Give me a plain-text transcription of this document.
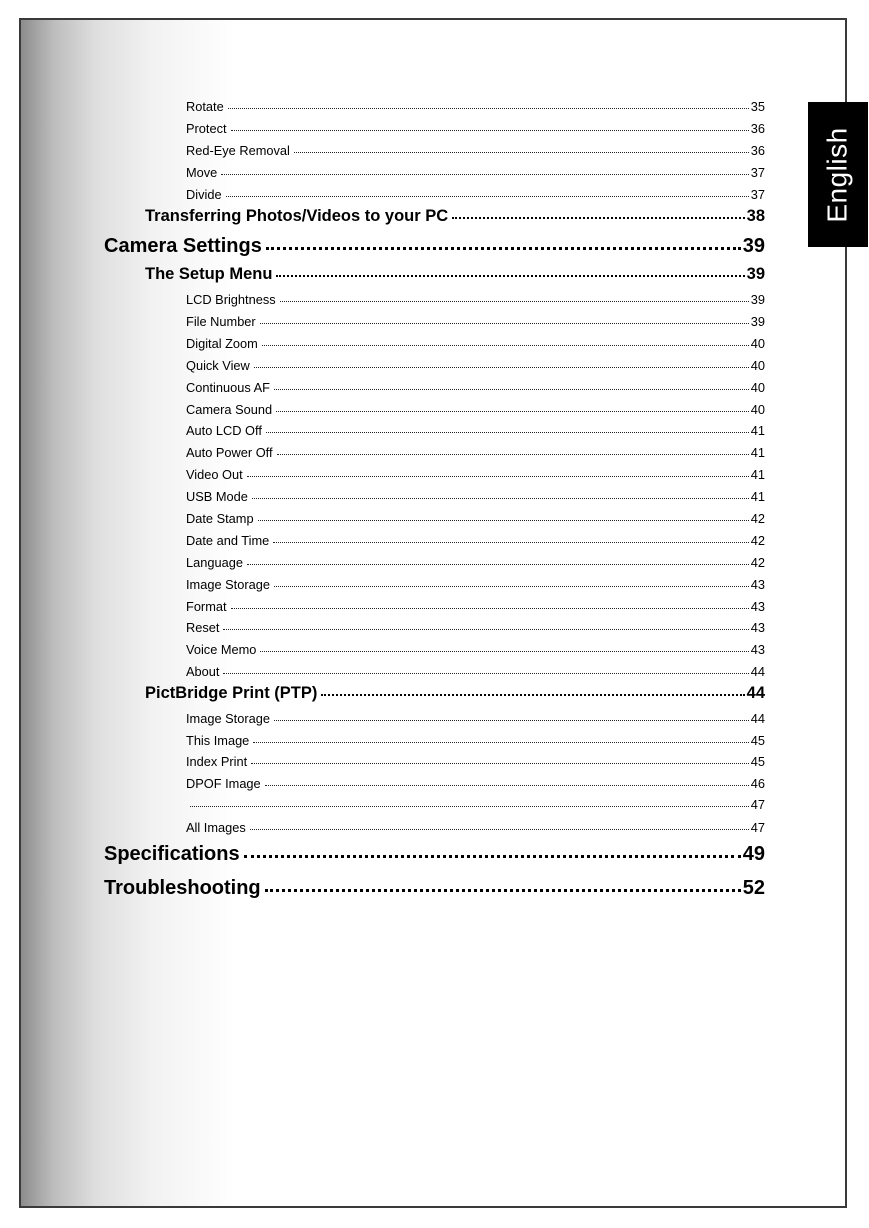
English
Rotate	35
Protect	36
Red-Eye Removal	36
Move	37
Divide	37
Transferring Photos/Videos to your PC	38
Camera Settings	39
The Setup Menu	39
LCD Brightness	39
File Number	39
Digital Zoom	40
Quick View	40
Continuous AF	40
Camera Sound	40
Auto LCD Off	41
Auto Power Off	41
Video Out	41
USB Mode	41
Date Stamp	42
Date and Time	42
Language	42
Image Storage	43
Format	43
Reset	43
Voice Memo	43
About	44
PictBridge Print (PTP)	44
Image Storage	44
This Image	45
Index Print	45
DPOF Image	46
47
All Images	47
Specifications	49
Troubleshooting	52
